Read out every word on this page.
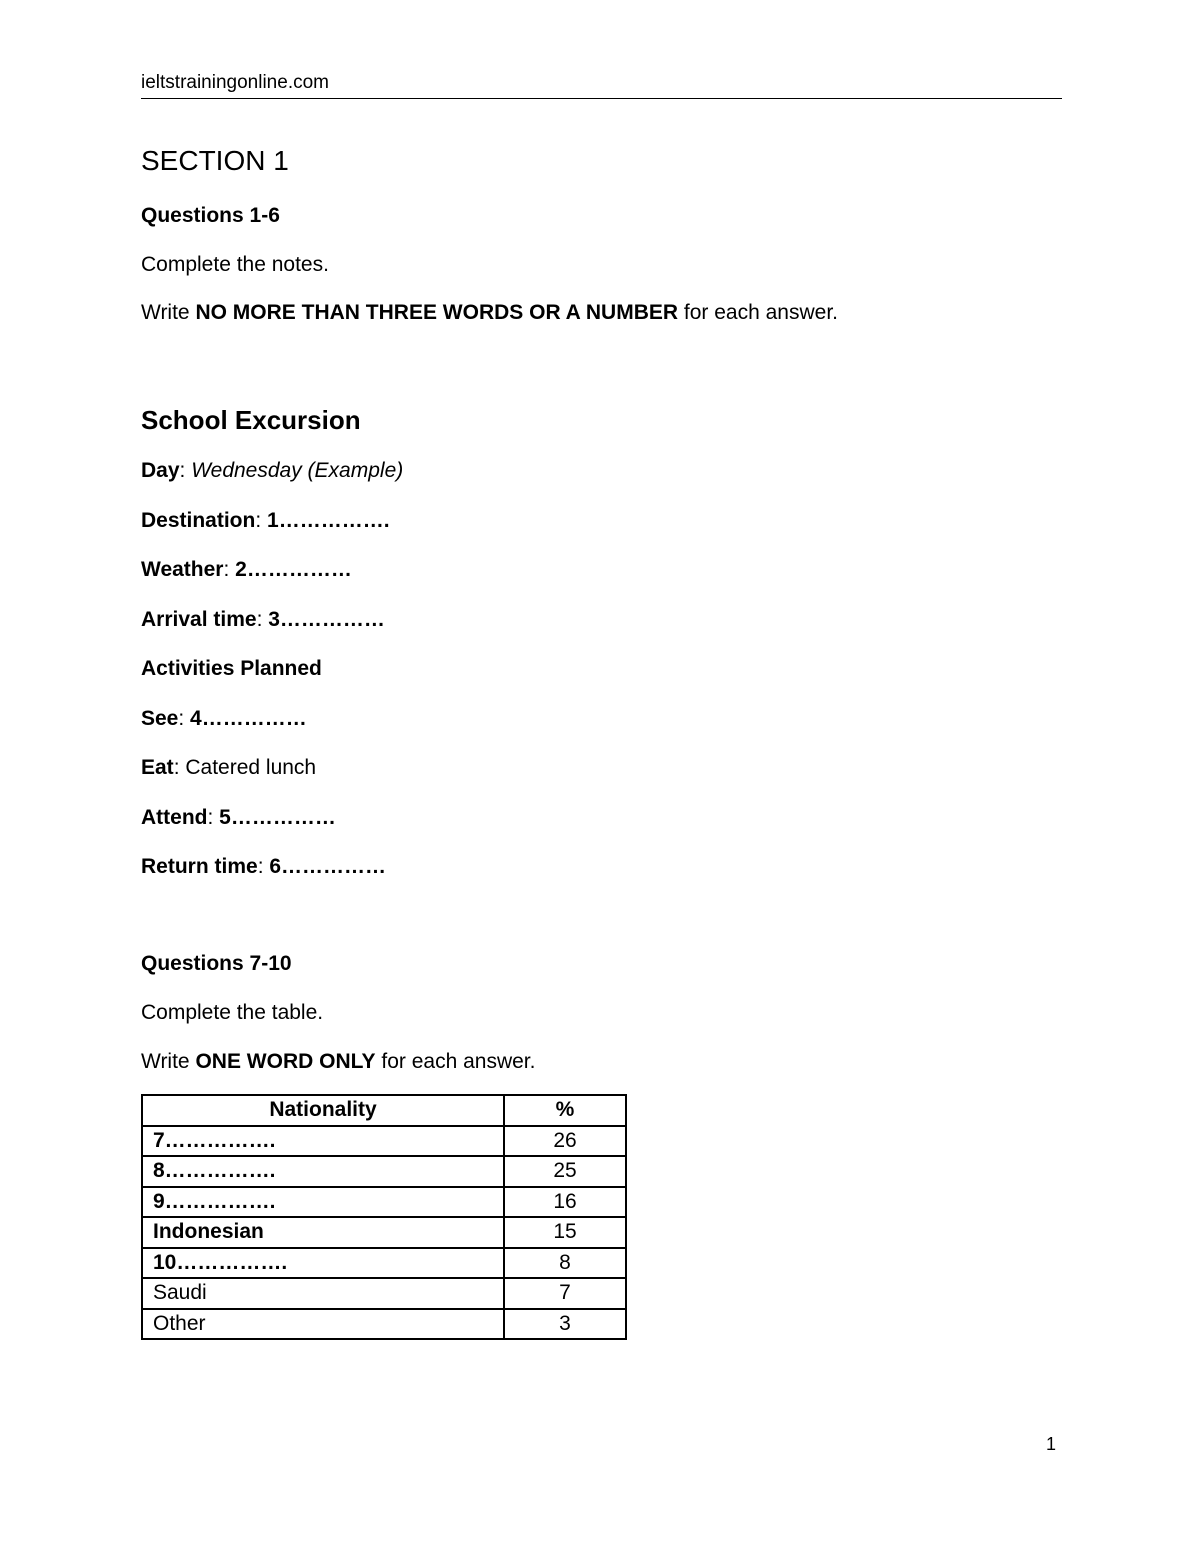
ieltstrainingonline.com
SECTION 1
Questions 1-6
Complete the notes.
Write NO MORE THAN THREE WORDS OR A NUMBER for each answer.
School Excursion
Day: Wednesday (Example)
Destination: 1…………….
Weather: 2……………
Arrival time: 3……………
Activities Planned
See: 4……………
Eat: Catered lunch
Attend: 5……………
Return time: 6……………
Questions 7-10
Complete the table.
Write ONE WORD ONLY for each answer.
Nationality	%
7…………….	26
8…………….	25
9…………….	16
Indonesian	15
10…………….	8
Saudi	7
Other	3
1
